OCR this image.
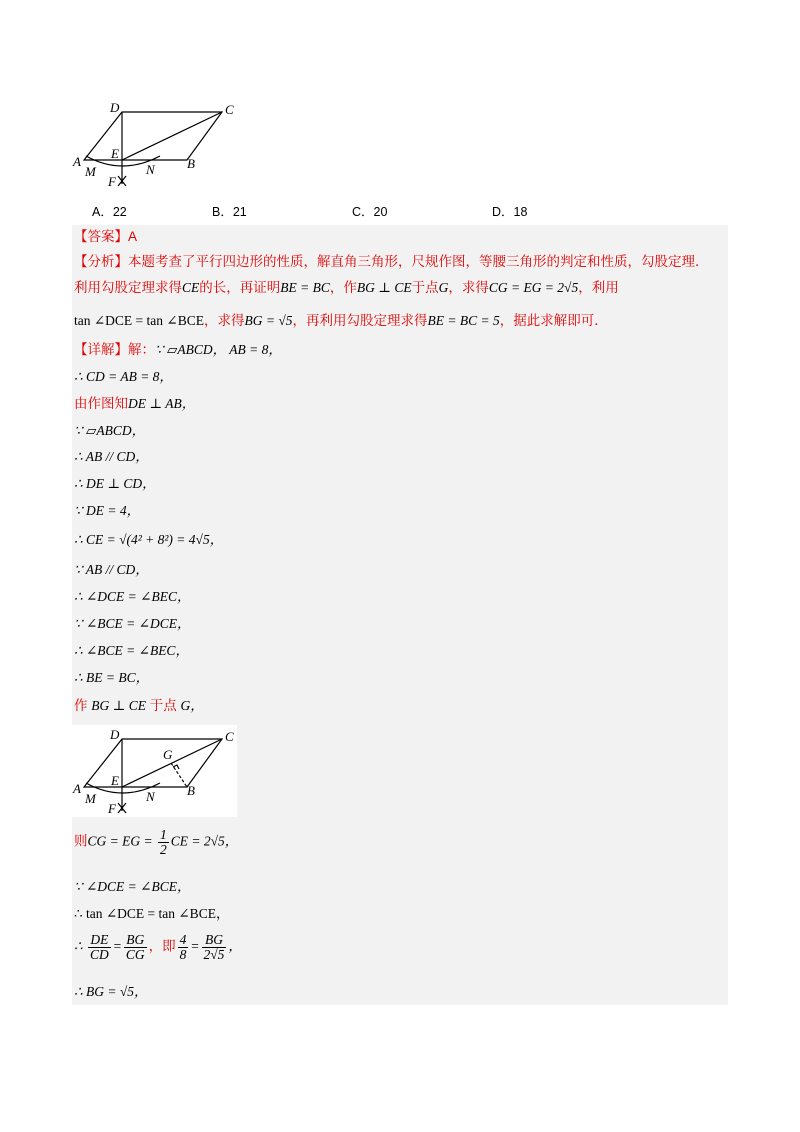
D	C
A
E
B
M	N
F
A．22	B．21	C．20	D．18
【答案】A
【分析】本题考查了平行四边形的性质，解直角三角形，尺规作图，等腰三角形的判定和性质，勾股定理．
利用勾股定理求得CE的长，再证明BE = BC，作BG ⊥ CE于点G，求得CG = EG = 2√5，利用
tan ∠DCE = tan ∠BCE，求得BG = √5，再利用勾股定理求得BE = BC = 5，据此求解即可．
【详解】解：∵ ▱ABCD， AB = 8，
∴ CD = AB = 8，
由作图知DE ⊥ AB，
∵ ▱ABCD，
∴ AB // CD，
∴ DE ⊥ CD，
∵ DE = 4，
∴ CE = √(4² + 8²) = 4√5，
∵ AB // CD，
∴ ∠DCE = ∠BEC，
∵ ∠BCE = ∠DCE，
∴ ∠BCE = ∠BEC，
∴ BE = BC，
作 BG ⊥ CE 于点 G，
则CG = EG = $\frac{1}{2}$ CE = 2√5，
∵ ∠DCE = ∠BCE，
∴ tan ∠DCE = tan ∠BCE，
∴ $\frac{DE}{CD} = \frac{BG}{CG}$ ，即 $\frac{4}{8} = \frac{BG}{2√5}$ ，
∴ BG = √5，
D	C
G
A
E
B
M	N
F
